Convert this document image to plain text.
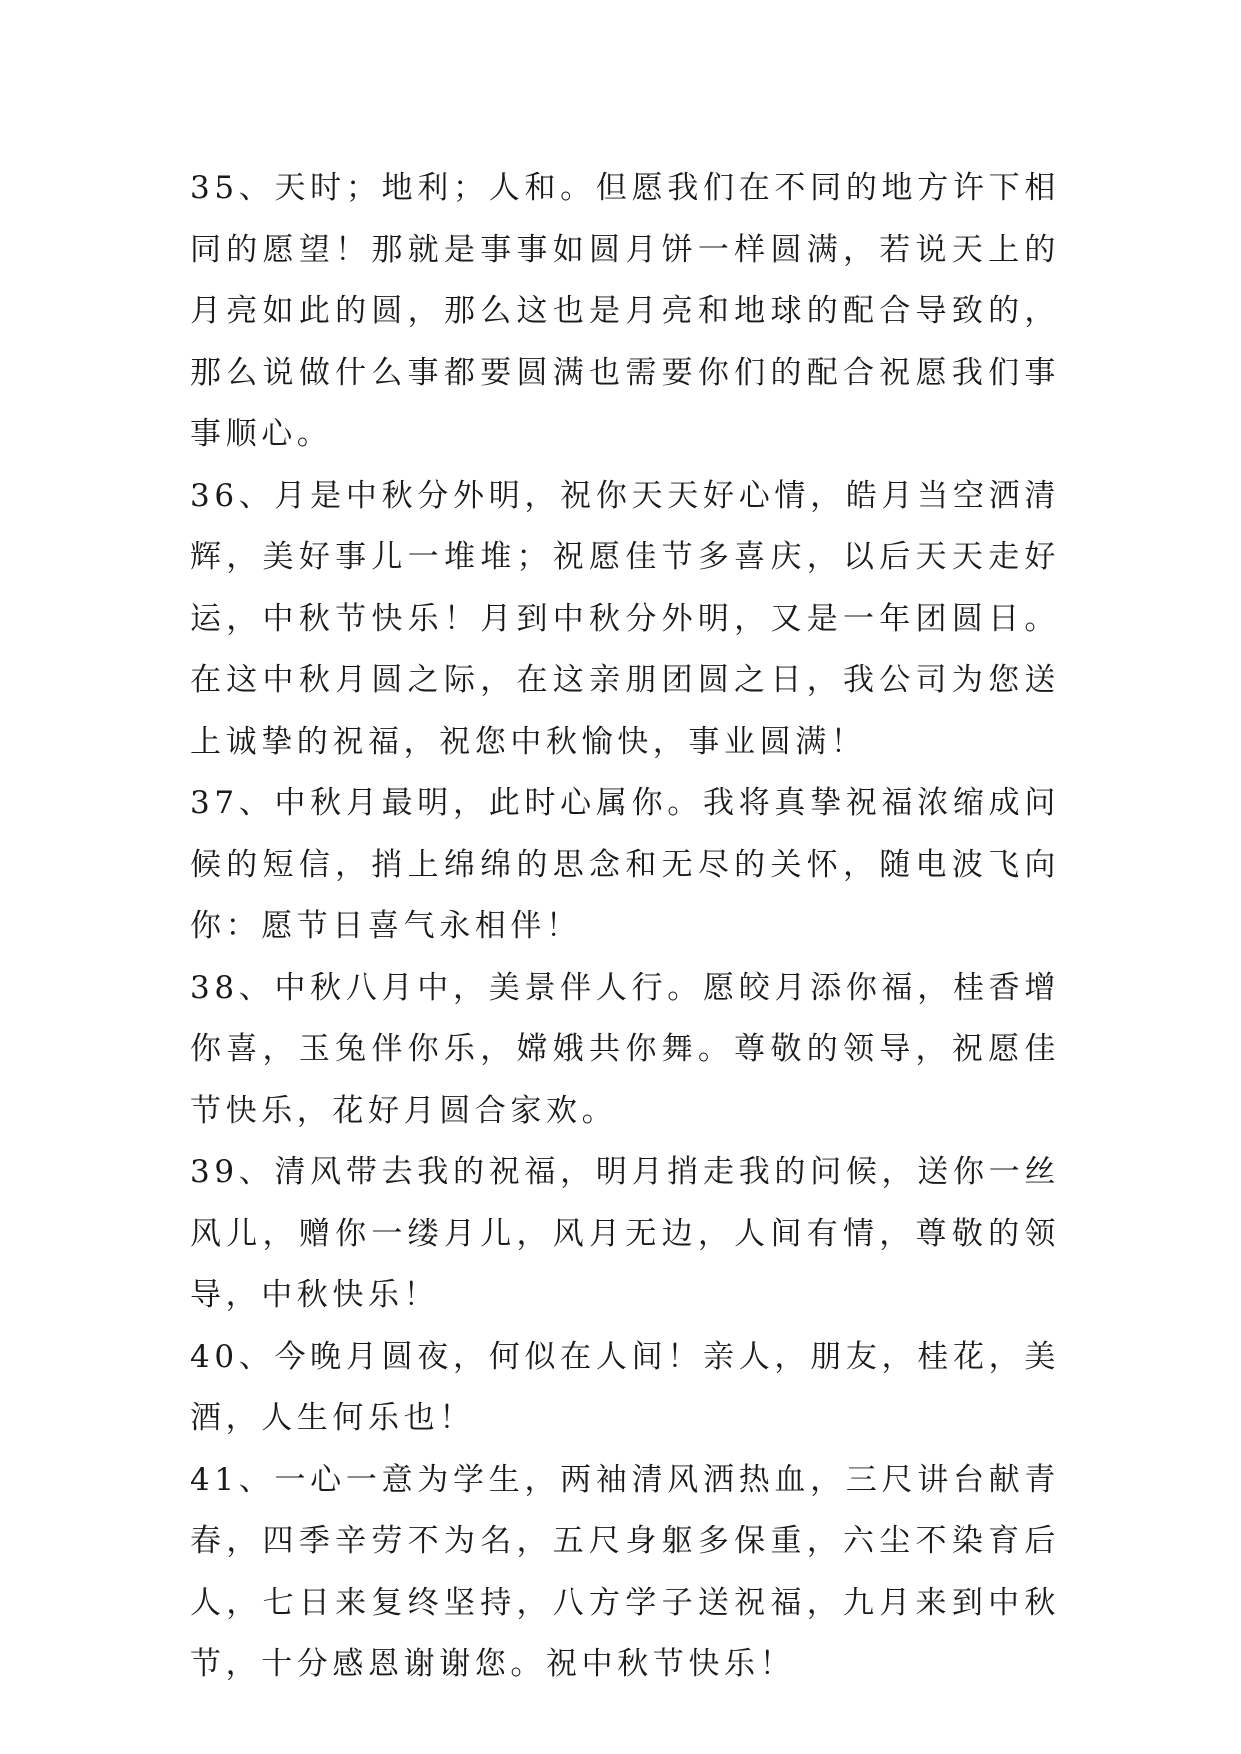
35、天时；地利；人和。但愿我们在不同的地方许下相同的愿望！那就是事事如圆月饼一样圆满，若说天上的月亮如此的圆，那么这也是月亮和地球的配合导致的，那么说做什么事都要圆满也需要你们的配合祝愿我们事事顺心。

36、月是中秋分外明，祝你天天好心情，皓月当空洒清辉，美好事儿一堆堆；祝愿佳节多喜庆，以后天天走好运，中秋节快乐！月到中秋分外明，又是一年团圆日。在这中秋月圆之际，在这亲朋团圆之日，我公司为您送上诚挚的祝福，祝您中秋愉快，事业圆满！

37、中秋月最明，此时心属你。我将真挚祝福浓缩成问候的短信，捎上绵绵的思念和无尽的关怀，随电波飞向你：愿节日喜气永相伴！

38、中秋八月中，美景伴人行。愿皎月添你福，桂香增你喜，玉兔伴你乐，嫦娥共你舞。尊敬的领导，祝愿佳节快乐，花好月圆合家欢。

39、清风带去我的祝福，明月捎走我的问候，送你一丝风儿，赠你一缕月儿，风月无边，人间有情，尊敬的领导，中秋快乐！

40、今晚月圆夜，何似在人间！亲人，朋友，桂花，美酒，人生何乐也！

41、一心一意为学生，两袖清风洒热血，三尺讲台献青春，四季辛劳不为名，五尺身躯多保重，六尘不染育后人，七日来复终坚持，八方学子送祝福，九月来到中秋节，十分感恩谢谢您。祝中秋节快乐！
